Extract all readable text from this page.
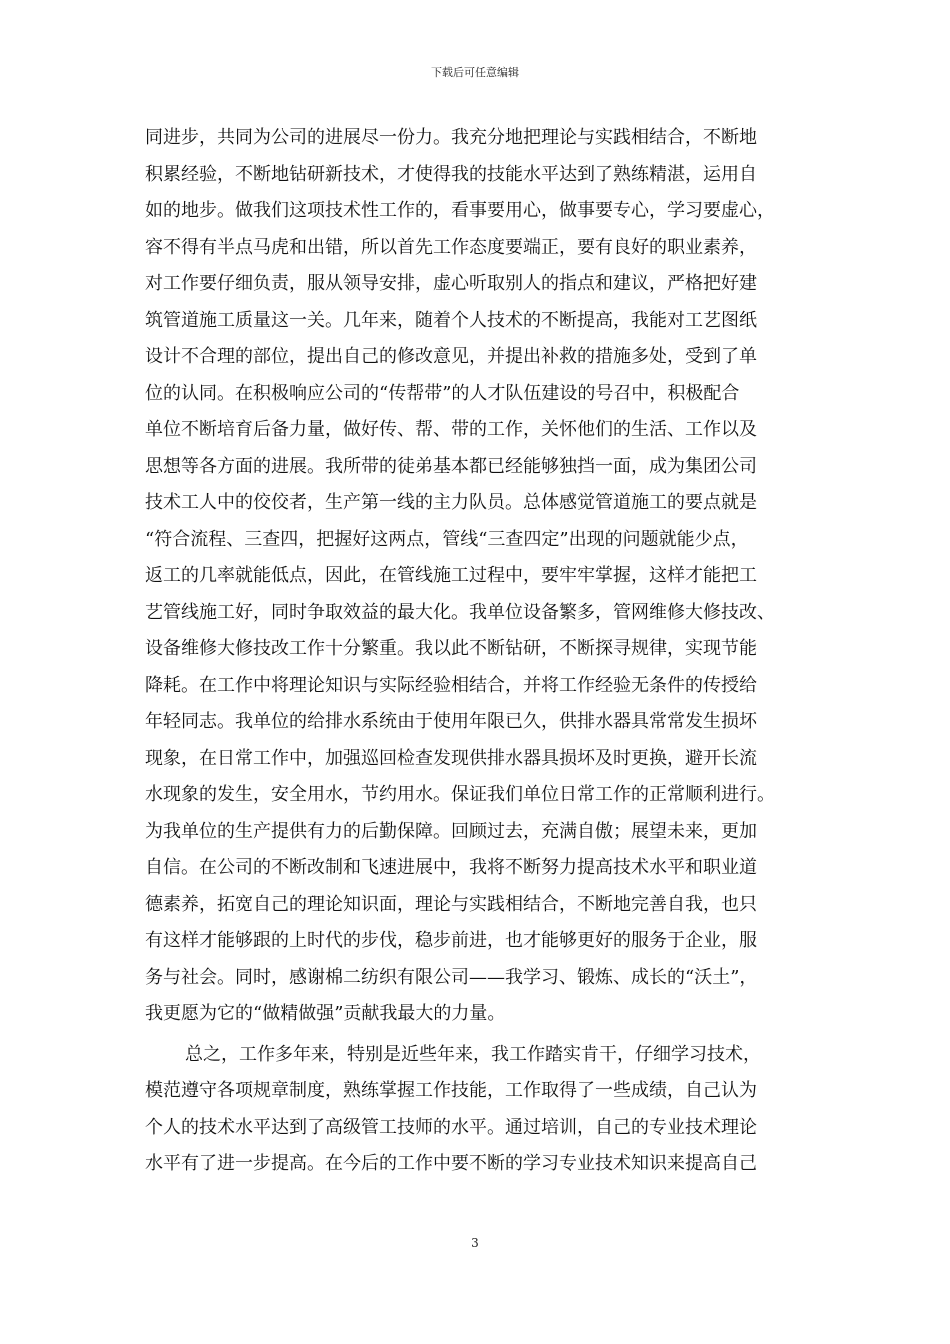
下载后可任意编辑
同进步，共同为公司的进展尽一份力。我充分地把理论与实践相结合，不断地
积累经验，不断地钻研新技术，才使得我的技能水平达到了熟练精湛，运用自
如的地步。做我们这项技术性工作的，看事要用心，做事要专心，学习要虚心，
容不得有半点马虎和出错，所以首先工作态度要端正，要有良好的职业素养，
对工作要仔细负责，服从领导安排，虚心听取别人的指点和建议，严格把好建
筑管道施工质量这一关。几年来，随着个人技术的不断提高，我能对工艺图纸
设计不合理的部位，提出自己的修改意见，并提出补救的措施多处，受到了单
位的认同。在积极响应公司的“传帮带”的人才队伍建设的号召中，积极配合
单位不断培育后备力量，做好传、帮、带的工作，关怀他们的生活、工作以及
思想等各方面的进展。我所带的徒弟基本都已经能够独挡一面，成为集团公司
技术工人中的佼佼者，生产第一线的主力队员。总体感觉管道施工的要点就是
“符合流程、三查四，把握好这两点，管线“三查四定”出现的问题就能少点，
返工的几率就能低点，因此，在管线施工过程中，要牢牢掌握，这样才能把工
艺管线施工好，同时争取效益的最大化。我单位设备繁多，管网维修大修技改、
设备维修大修技改工作十分繁重。我以此不断钻研，不断探寻规律，实现节能
降耗。在工作中将理论知识与实际经验相结合，并将工作经验无条件的传授给
年轻同志。我单位的给排水系统由于使用年限已久，供排水器具常常发生损坏
现象，在日常工作中，加强巡回检查发现供排水器具损坏及时更换，避开长流
水现象的发生，安全用水，节约用水。保证我们单位日常工作的正常顺利进行。
为我单位的生产提供有力的后勤保障。回顾过去，充满自傲；展望未来，更加
自信。在公司的不断改制和飞速进展中，我将不断努力提高技术水平和职业道
德素养，拓宽自己的理论知识面，理论与实践相结合，不断地完善自我，也只
有这样才能够跟的上时代的步伐，稳步前进，也才能够更好的服务于企业，服
务与社会。同时，感谢棉二纺织有限公司——我学习、锻炼、成长的“沃土”，
我更愿为它的“做精做强”贡献我最大的力量。
总之，工作多年来，特别是近些年来，我工作踏实肯干，仔细学习技术，
模范遵守各项规章制度，熟练掌握工作技能，工作取得了一些成绩，自己认为
个人的技术水平达到了高级管工技师的水平。通过培训，自己的专业技术理论
水平有了进一步提高。在今后的工作中要不断的学习专业技术知识来提高自己
3
